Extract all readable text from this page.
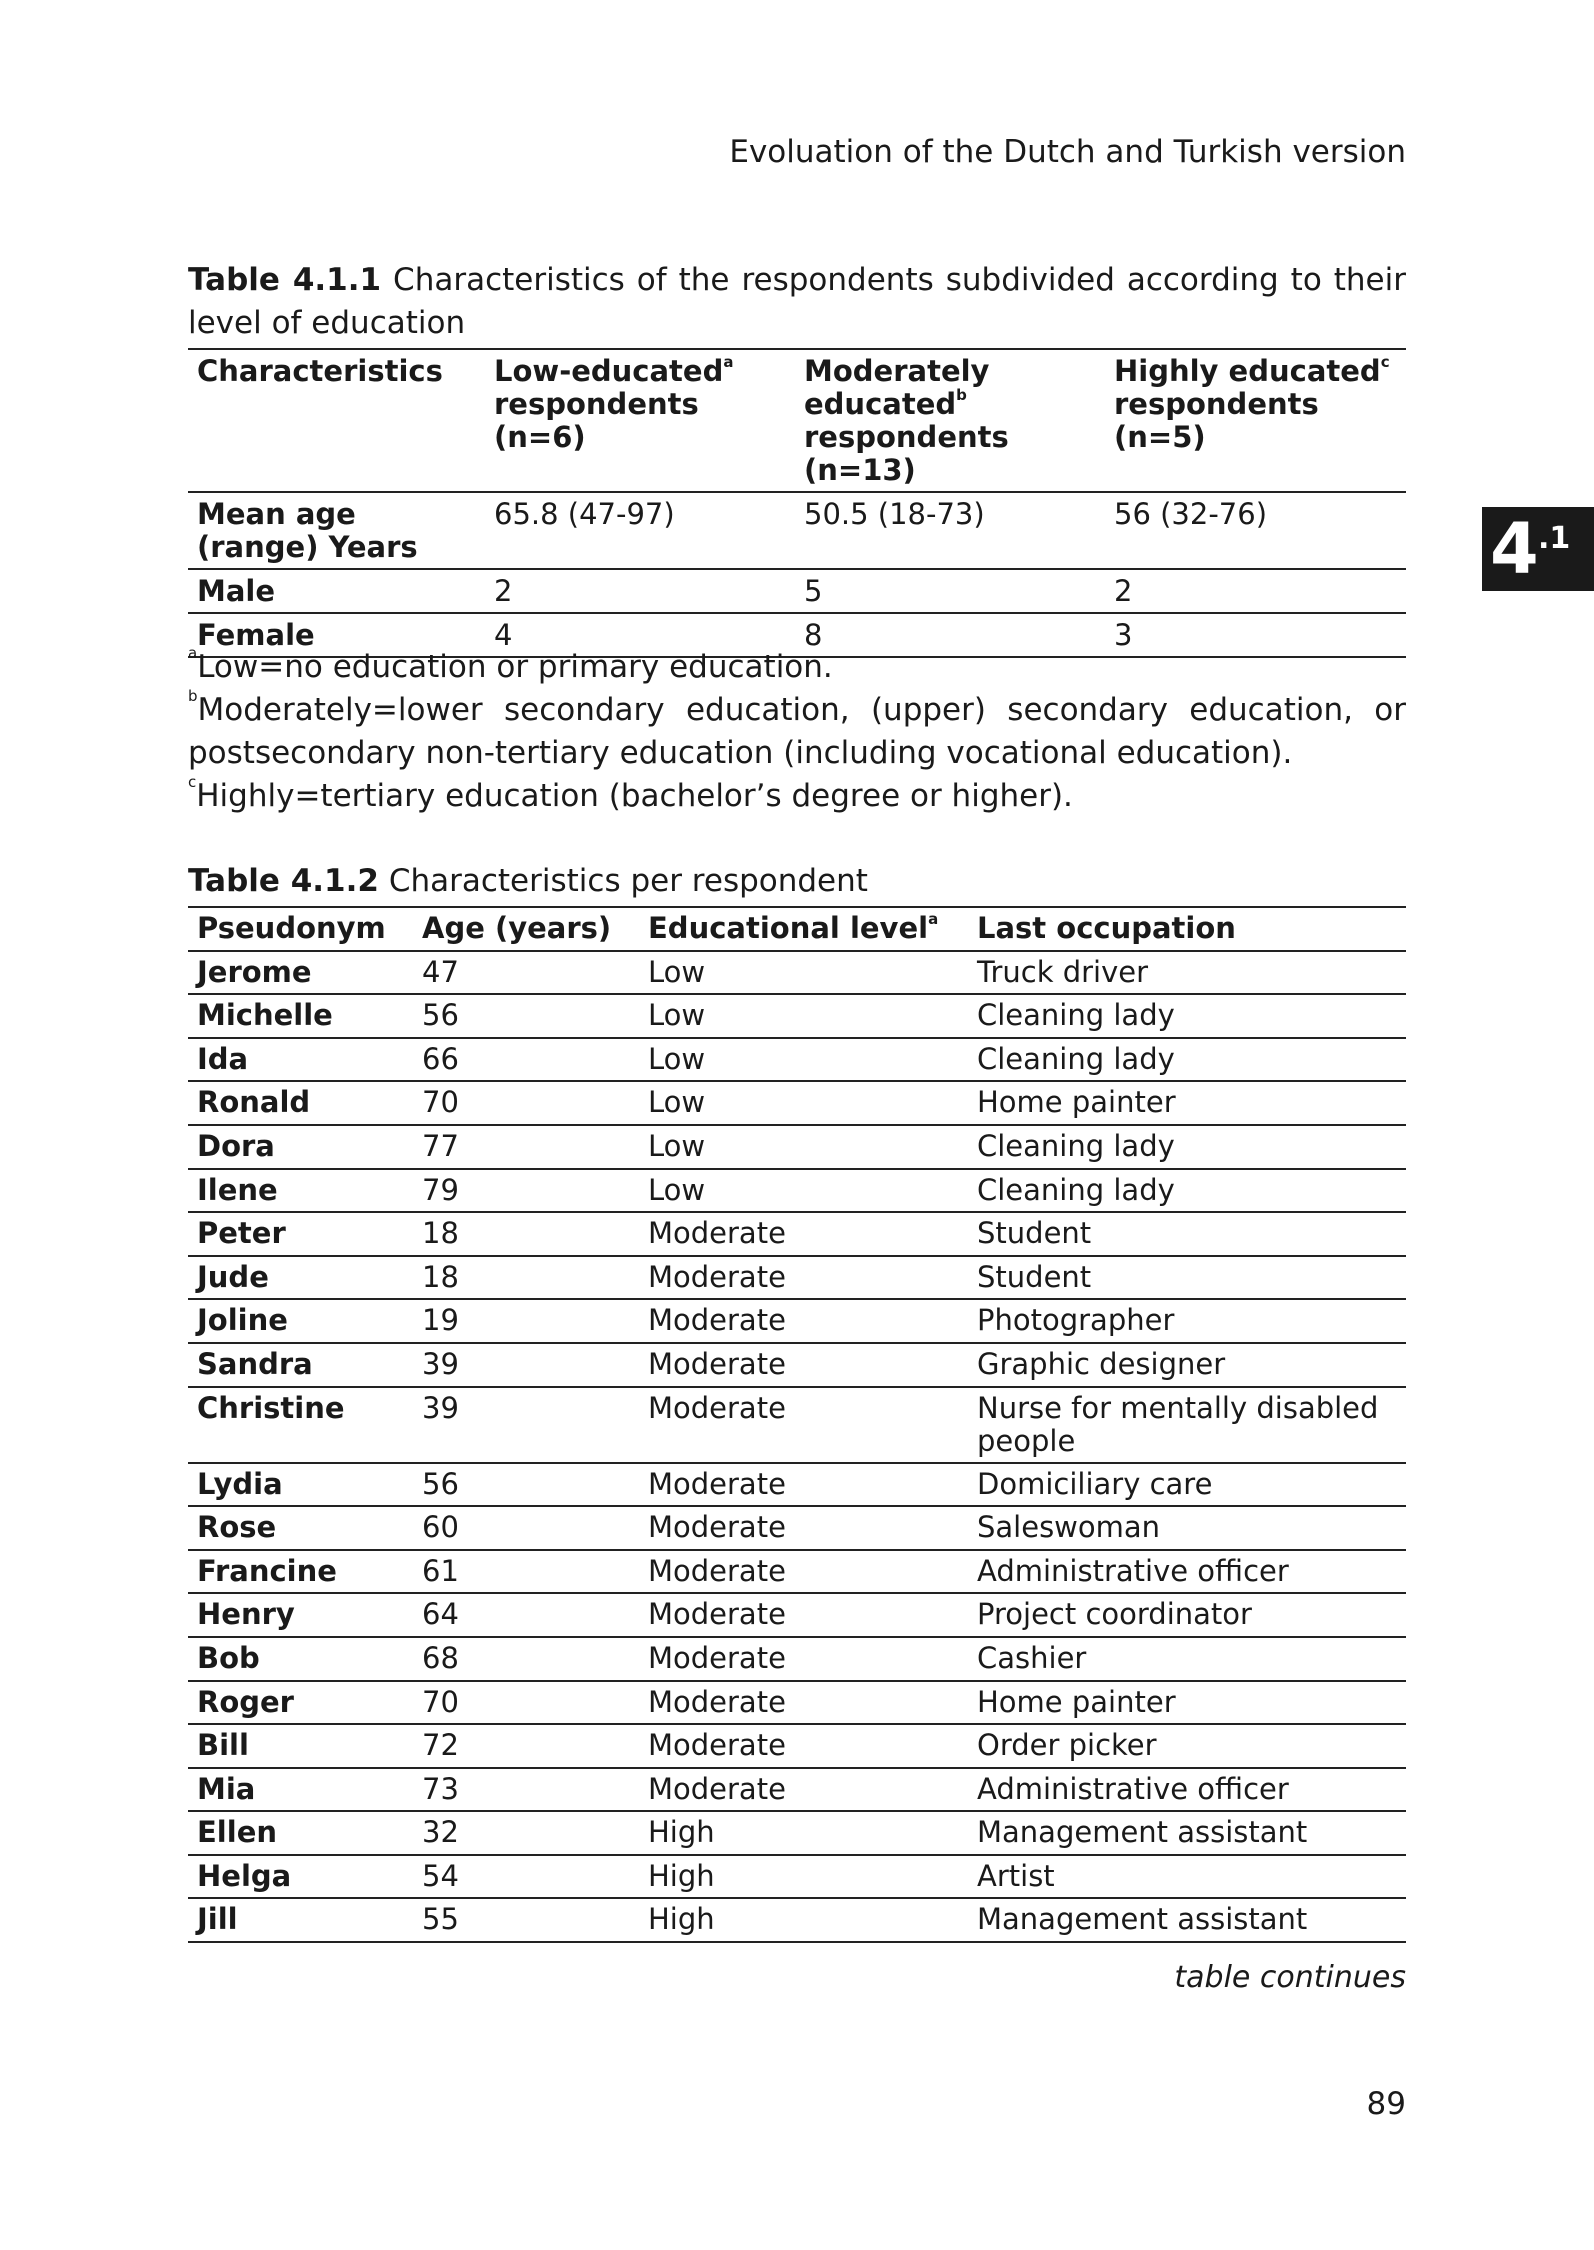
Evoluation of the Dutch and Turkish version
4 .1
Table 4.1.1 Characteristics of the respondents subdivided according to their level of education
Characteristics	Low-educated$^a$ respondents (n=6)	Moderately educated$^b$ respondents (n=13)	Highly educated$^c$ respondents (n=5)
Mean age (range) Years	65.8 (47-97)	50.5 (18-73)	56 (32-76)
Male	2	5	2
Female	4	8	3
$^a$Low=no education or primary education.
$^b$Moderately=lower secondary education, (upper) secondary education, or postsecondary non-tertiary education (including vocational education).
$^c$Highly=tertiary education (bachelor’s degree or higher).
Table 4.1.2 Characteristics per respondent
Pseudonym	Age (years)	Educational level$^a$	Last occupation
Jerome	47	Low	Truck driver
Michelle	56	Low	Cleaning lady
Ida	66	Low	Cleaning lady
Ronald	70	Low	Home painter
Dora	77	Low	Cleaning lady
Ilene	79	Low	Cleaning lady
Peter	18	Moderate	Student
Jude	18	Moderate	Student
Joline	19	Moderate	Photographer
Sandra	39	Moderate	Graphic designer
Christine	39	Moderate	Nurse for mentally disabled people
Lydia	56	Moderate	Domiciliary care
Rose	60	Moderate	Saleswoman
Francine	61	Moderate	Administrative officer
Henry	64	Moderate	Project coordinator
Bob	68	Moderate	Cashier
Roger	70	Moderate	Home painter
Bill	72	Moderate	Order picker
Mia	73	Moderate	Administrative officer
Ellen	32	High	Management assistant
Helga	54	High	Artist
Jill	55	High	Management assistant
table continues
89
